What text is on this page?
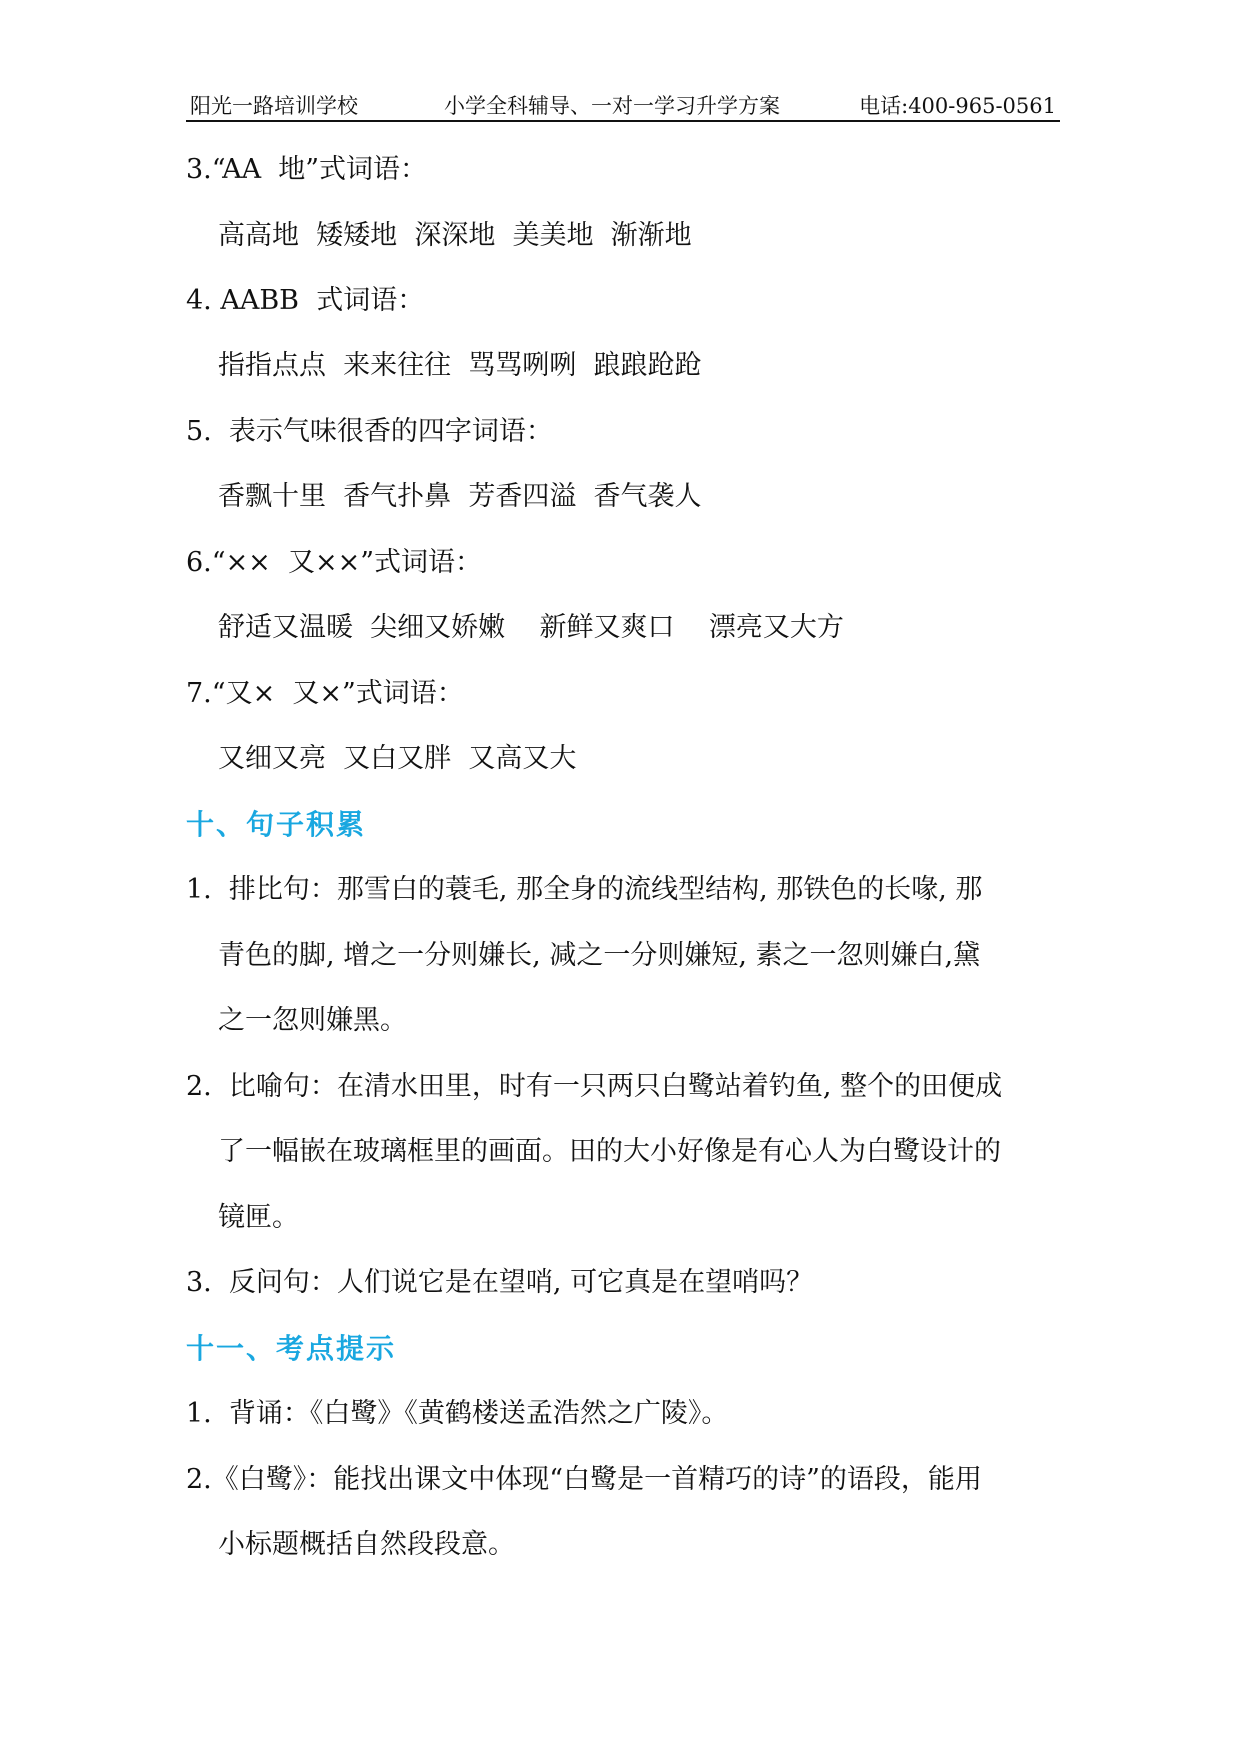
阳光一路培训学校	小学全科辅导、一对一学习升学方案	电话:400-965-0561
3.“AA  地”式词语：
高高地  矮矮地  深深地  美美地  渐渐地
4. AABB  式词语：
指指点点  来来往往  骂骂咧咧  踉踉跄跄
5.  表示气味很香的四字词语：
香飘十里  香气扑鼻  芳香四溢  香气袭人
6.“××  又××”式词语：
舒适又温暖  尖细又娇嫩    新鲜又爽口    漂亮又大方
7.“又×  又×”式词语：
又细又亮  又白又胖  又高又大
十、句子积累
1.  排比句：那雪白的蓑毛, 那全身的流线型结构, 那铁色的长喙, 那
青色的脚, 增之一分则嫌长, 减之一分则嫌短, 素之一忽则嫌白,黛
之一忽则嫌黑。
2.  比喻句：在清水田里，时有一只两只白鹭站着钓鱼, 整个的田便成
了一幅嵌在玻璃框里的画面。田的大小好像是有心人为白鹭设计的
镜匣。
3.  反问句：人们说它是在望哨, 可它真是在望哨吗？
十一、考点提示
1.  背诵：《白鹭》《黄鹤楼送孟浩然之广陵》。
2.《白鹭》：能找出课文中体现“白鹭是一首精巧的诗”的语段，能用
小标题概括自然段段意。
